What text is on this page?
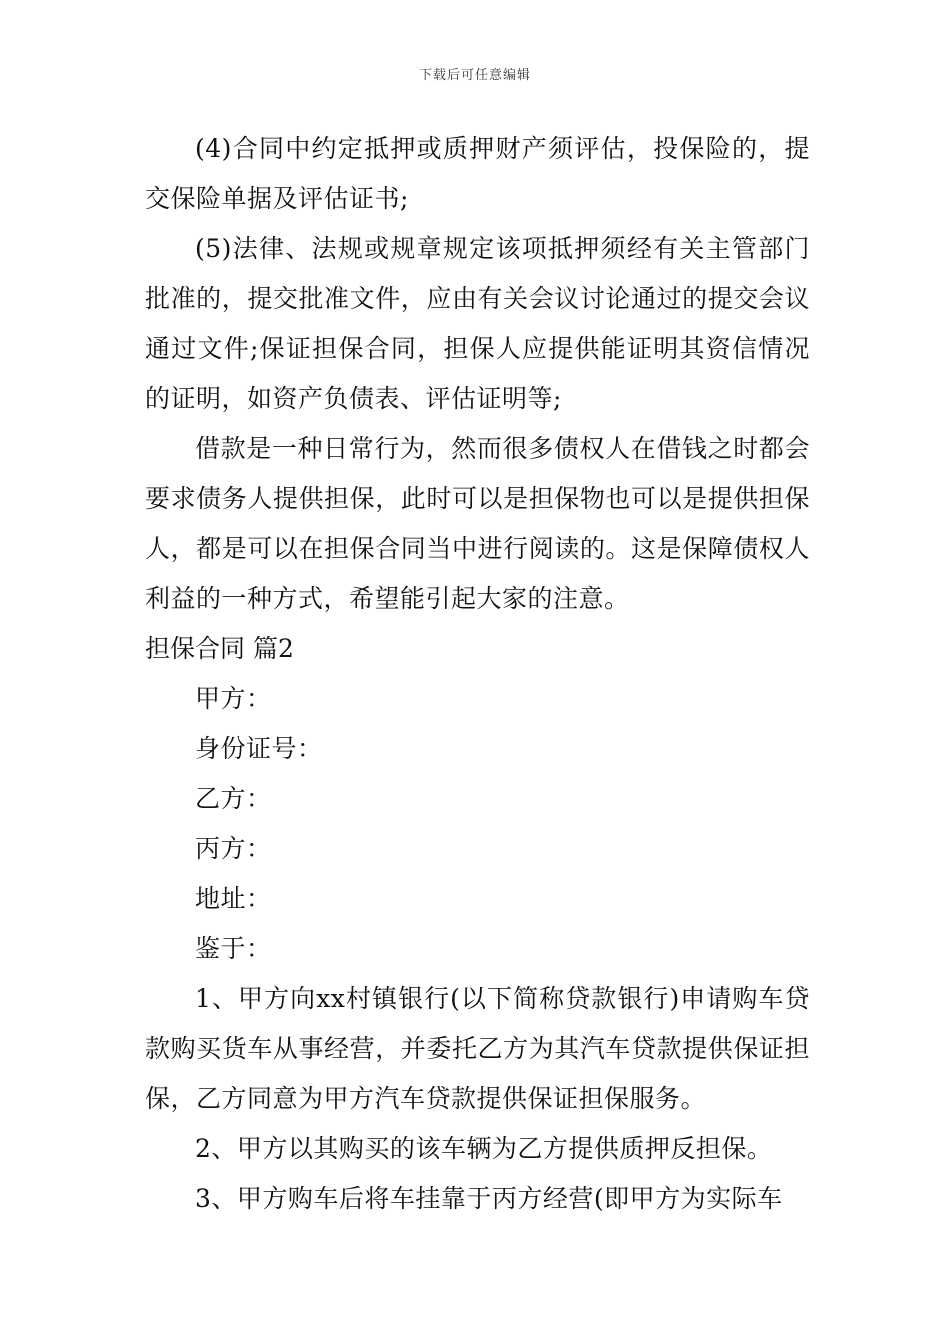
下载后可任意编辑

(4)合同中约定抵押或质押财产须评估，投保险的，提交保险单据及评估证书;

(5)法律、法规或规章规定该项抵押须经有关主管部门批准的，提交批准文件，应由有关会议讨论通过的提交会议通过文件;保证担保合同，担保人应提供能证明其资信情况的证明，如资产负债表、评估证明等;

借款是一种日常行为，然而很多债权人在借钱之时都会要求债务人提供担保，此时可以是担保物也可以是提供担保人，都是可以在担保合同当中进行阅读的。这是保障债权人利益的一种方式，希望能引起大家的注意。

担保合同 篇2

甲方：

身份证号：

乙方：

丙方：

地址：

鉴于：

1、甲方向xx村镇银行(以下简称贷款银行)申请购车贷款购买货车从事经营，并委托乙方为其汽车贷款提供保证担保，乙方同意为甲方汽车贷款提供保证担保服务。

2、甲方以其购买的该车辆为乙方提供质押反担保。

3、甲方购车后将车挂靠于丙方经营(即甲方为实际车
